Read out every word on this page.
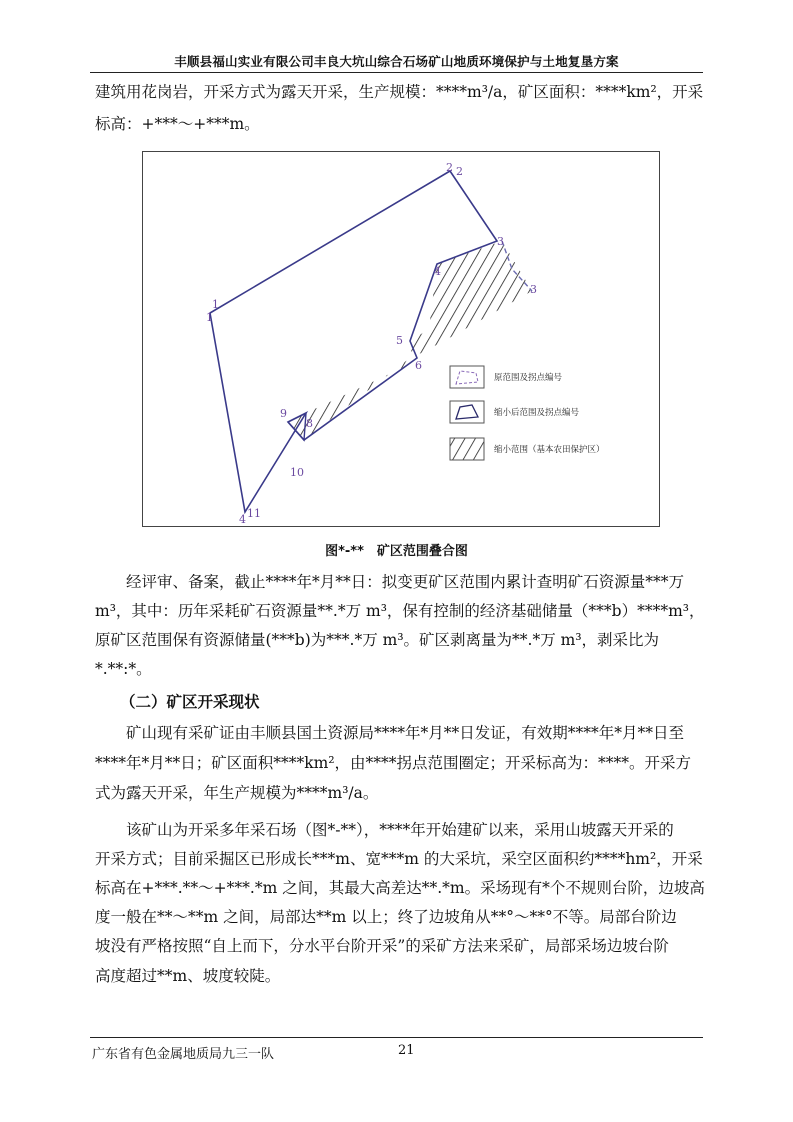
丰顺县福山实业有限公司丰良大坑山综合石场矿山地质环境保护与土地复垦方案
建筑用花岗岩，开采方式为露天开采，生产规模：****m³/a，矿区面积：****km²，开采
标高：+***～+***m。
1
1
2 2
3
3
4
4
5
6
8
9
10
11
原范围及拐点编号
缩小后范围及拐点编号
缩小范围（基本农田保护区）
图*-**　矿区范围叠合图
经评审、备案，截止****年*月**日：拟变更矿区范围内累计查明矿石资源量***万
m³，其中：历年采耗矿石资源量**.*万 m³，保有控制的经济基础储量（***b）****m³，
原矿区范围保有资源储量(***b)为***.*万 m³。矿区剥离量为**.*万 m³，剥采比为
*.**:*。
（二）矿区开采现状
矿山现有采矿证由丰顺县国土资源局****年*月**日发证，有效期****年*月**日至
****年*月**日；矿区面积****km²，由****拐点范围圈定；开采标高为：****。开采方
式为露天开采，年生产规模为****m³/a。
该矿山为开采多年采石场（图*-**），****年开始建矿以来，采用山坡露天开采的
开采方式；目前采掘区已形成长***m、宽***m 的大采坑，采空区面积约****hm²，开采
标高在+***.**～+***.*m 之间，其最大高差达**.*m。采场现有*个不规则台阶，边坡高
度一般在**～**m 之间，局部达**m 以上；终了边坡角从**°～**°不等。局部台阶边
坡没有严格按照“自上而下，分水平台阶开采”的采矿方法来采矿，局部采场边坡台阶
高度超过**m、坡度较陡。
广东省有色金属地质局九三一队	21
